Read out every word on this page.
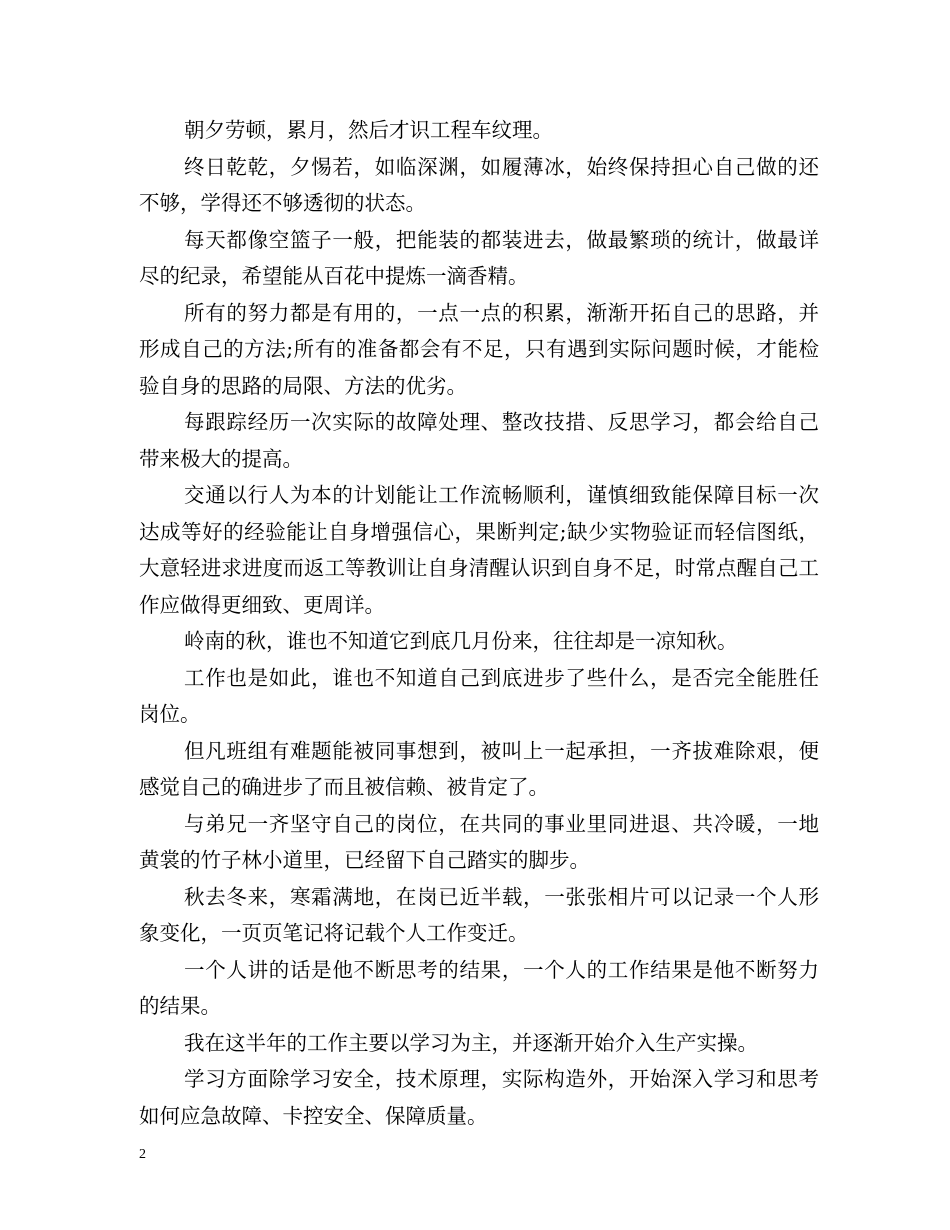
朝夕劳顿，累月，然后才识工程车纹理。

终日乾乾，夕惕若，如临深渊，如履薄冰，始终保持担心自己做的还不够，学得还不够透彻的状态。

每天都像空篮子一般，把能装的都装进去，做最繁琐的统计，做最详尽的纪录，希望能从百花中提炼一滴香精。

所有的努力都是有用的，一点一点的积累，渐渐开拓自己的思路，并形成自己的方法;所有的准备都会有不足，只有遇到实际问题时候，才能检验自身的思路的局限、方法的优劣。

每跟踪经历一次实际的故障处理、整改技措、反思学习，都会给自己带来极大的提高。

交通以行人为本的计划能让工作流畅顺利，谨慎细致能保障目标一次达成等好的经验能让自身增强信心，果断判定;缺少实物验证而轻信图纸，大意轻进求进度而返工等教训让自身清醒认识到自身不足，时常点醒自己工作应做得更细致、更周详。

岭南的秋，谁也不知道它到底几月份来，往往却是一凉知秋。

工作也是如此，谁也不知道自己到底进步了些什么，是否完全能胜任岗位。

但凡班组有难题能被同事想到，被叫上一起承担，一齐拔难除艰，便感觉自己的确进步了而且被信赖、被肯定了。

与弟兄一齐坚守自己的岗位，在共同的事业里同进退、共冷暖，一地黄裳的竹子林小道里，已经留下自己踏实的脚步。

秋去冬来，寒霜满地，在岗已近半载，一张张相片可以记录一个人形象变化，一页页笔记将记载个人工作变迁。

一个人讲的话是他不断思考的结果，一个人的工作结果是他不断努力的结果。

我在这半年的工作主要以学习为主，并逐渐开始介入生产实操。

学习方面除学习安全，技术原理，实际构造外，开始深入学习和思考如何应急故障、卡控安全、保障质量。

2
